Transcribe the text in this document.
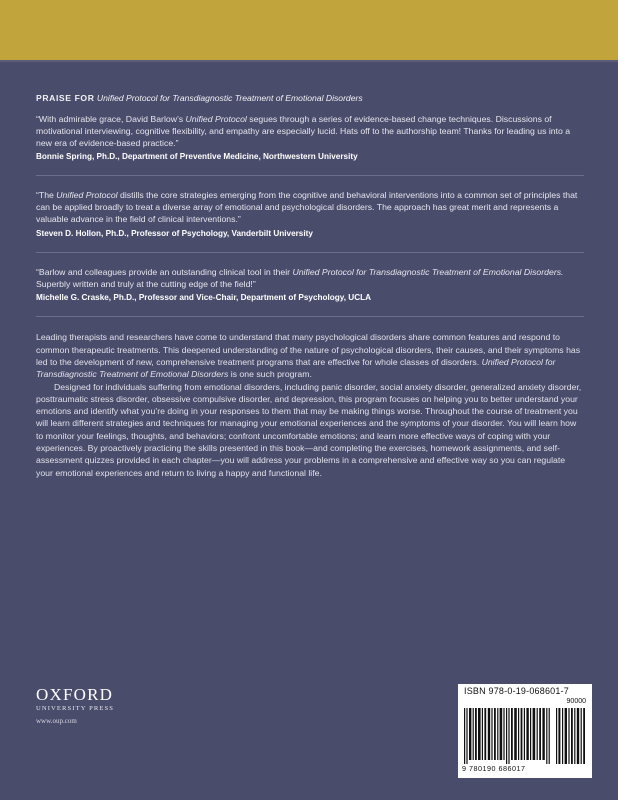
PRAISE FOR Unified Protocol for Transdiagnostic Treatment of Emotional Disorders

“With admirable grace, David Barlow’s Unified Protocol segues through a series of evidence-based change techniques. Discussions of motivational interviewing, cognitive flexibility, and empathy are especially lucid. Hats off to the authorship team! Thanks for leading us into a new era of evidence-based practice.”

Bonnie Spring, Ph.D., Department of Preventive Medicine, Northwestern University

“The Unified Protocol distills the core strategies emerging from the cognitive and behavioral interventions into a common set of principles that can be applied broadly to treat a diverse array of emotional and psychological disorders. The approach has great merit and represents a valuable advance in the field of clinical interventions.”

Steven D. Hollon, Ph.D., Professor of Psychology, Vanderbilt University

“Barlow and colleagues provide an outstanding clinical tool in their Unified Protocol for Transdiagnostic Treatment of Emotional Disorders. Superbly written and truly at the cutting edge of the field!”

Michelle G. Craske, Ph.D., Professor and Vice-Chair, Department of Psychology, UCLA

Leading therapists and researchers have come to understand that many psychological disorders share common features and respond to common therapeutic treatments. This deepened understanding of the nature of psychological disorders, their causes, and their symptoms has led to the development of new, comprehensive treatment programs that are effective for whole classes of disorders. Unified Protocol for Transdiagnostic Treatment of Emotional Disorders is one such program.

Designed for individuals suffering from emotional disorders, including panic disorder, social anxiety disorder, generalized anxiety disorder, posttraumatic stress disorder, obsessive compulsive disorder, and depression, this program focuses on helping you to better understand your emotions and identify what you’re doing in your responses to them that may be making things worse. Throughout the course of treatment you will learn different strategies and techniques for managing your emotional experiences and the symptoms of your disorder. You will learn how to monitor your feelings, thoughts, and behaviors; confront uncomfortable emotions; and learn more effective ways of coping with your experiences. By proactively practicing the skills presented in this book—and completing the exercises, homework assignments, and self-assessment quizzes provided in each chapter—you will address your problems in a comprehensive and effective way so you can regulate your emotional experiences and return to living a happy and functional life.

OXFORD
UNIVERSITY PRESS
www.oup.com
ISBN 978-0-19-068601-7
90000
9 780190 686017
